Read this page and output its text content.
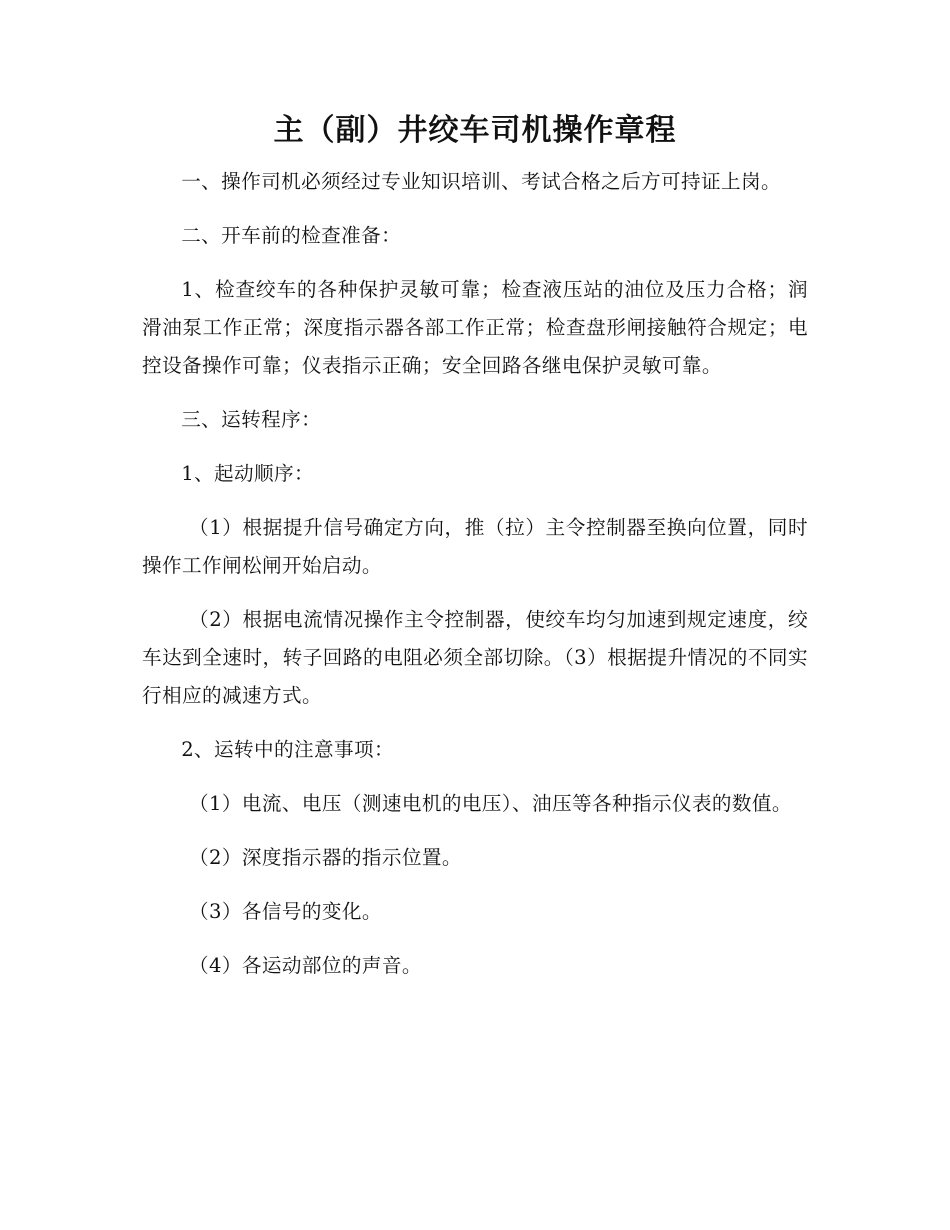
主（副）井绞车司机操作章程

一、操作司机必须经过专业知识培训、考试合格之后方可持证上岗。

二、开车前的检查准备：

1、检查绞车的各种保护灵敏可靠；检查液压站的油位及压力合格；润滑油泵工作正常；深度指示器各部工作正常；检查盘形闸接触符合规定；电控设备操作可靠；仪表指示正确；安全回路各继电保护灵敏可靠。

三、运转程序：

1、起动顺序：

（1）根据提升信号确定方向，推（拉）主令控制器至换向位置，同时操作工作闸松闸开始启动。

（2）根据电流情况操作主令控制器，使绞车均匀加速到规定速度，绞车达到全速时，转子回路的电阻必须全部切除。（3）根据提升情况的不同实行相应的减速方式。

2、运转中的注意事项：

（1）电流、电压（测速电机的电压）、油压等各种指示仪表的数值。

（2）深度指示器的指示位置。

（3）各信号的变化。

（4）各运动部位的声音。
